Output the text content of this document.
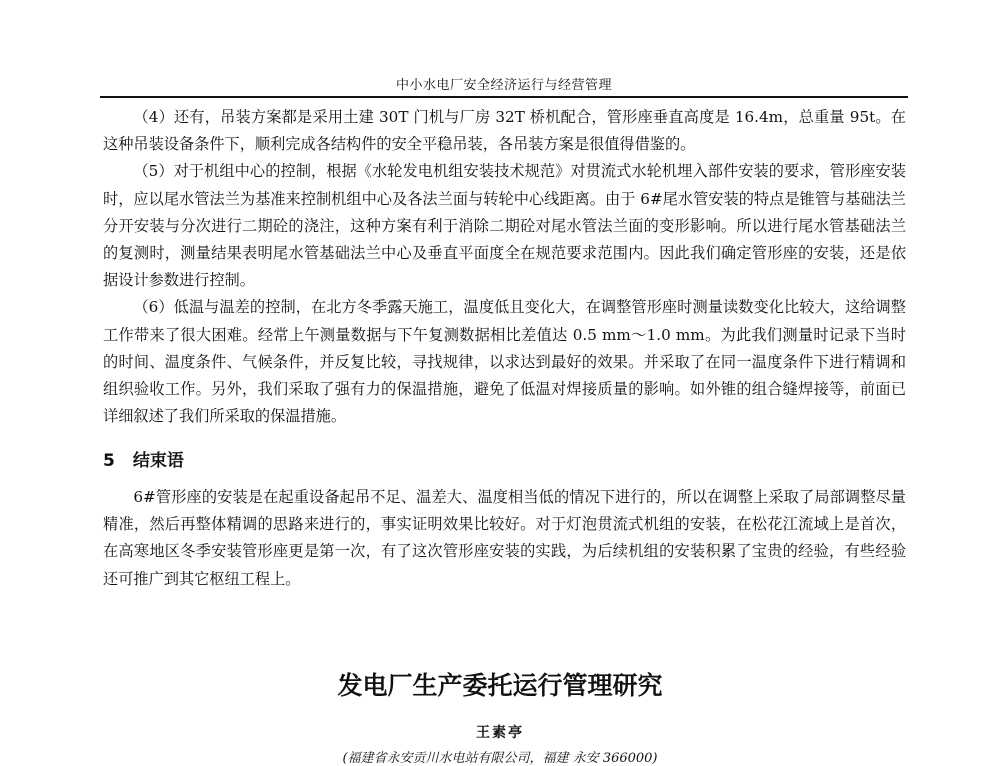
中小水电厂安全经济运行与经营管理

（4）还有，吊装方案都是采用土建 30T 门机与厂房 32T 桥机配合，管形座垂直高度是 16.4m，总重量 95t。在这种吊装设备条件下，顺利完成各结构件的安全平稳吊装，各吊装方案是很值得借鉴的。

（5）对于机组中心的控制，根据《水轮发电机组安装技术规范》对贯流式水轮机埋入部件安装的要求，管形座安装时，应以尾水管法兰为基准来控制机组中心及各法兰面与转轮中心线距离。由于 6#尾水管安装的特点是锥管与基础法兰分开安装与分次进行二期砼的浇注，这种方案有利于消除二期砼对尾水管法兰面的变形影响。所以进行尾水管基础法兰的复测时，测量结果表明尾水管基础法兰中心及垂直平面度全在规范要求范围内。因此我们确定管形座的安装，还是依据设计参数进行控制。

（6）低温与温差的控制，在北方冬季露天施工，温度低且变化大，在调整管形座时测量读数变化比较大，这给调整工作带来了很大困难。经常上午测量数据与下午复测数据相比差值达 0.5 mm～1.0 mm。为此我们测量时记录下当时的时间、温度条件、气候条件，并反复比较，寻找规律，以求达到最好的效果。并采取了在同一温度条件下进行精调和组织验收工作。另外，我们采取了强有力的保温措施，避免了低温对焊接质量的影响。如外锥的组合缝焊接等，前面已详细叙述了我们所采取的保温措施。

5 结束语

6#管形座的安装是在起重设备起吊不足、温差大、温度相当低的情况下进行的，所以在调整上采取了局部调整尽量精准，然后再整体精调的思路来进行的，事实证明效果比较好。对于灯泡贯流式机组的安装，在松花江流域上是首次，在高寒地区冬季安装管形座更是第一次，有了这次管形座安装的实践，为后续机组的安装积累了宝贵的经验，有些经验还可推广到其它枢纽工程上。

发电厂生产委托运行管理研究
王素亭
(福建省永安贡川水电站有限公司，福建 永安 366000)
